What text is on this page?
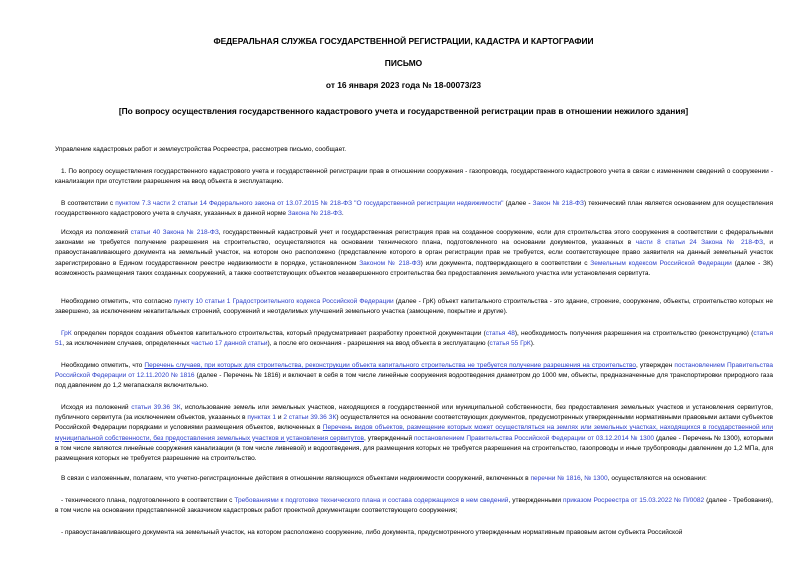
ФЕДЕРАЛЬНАЯ СЛУЖБА ГОСУДАРСТВЕННОЙ РЕГИСТРАЦИИ, КАДАСТРА И КАРТОГРАФИИ
ПИСЬМО
от 16 января 2023 года № 18-00073/23
[По вопросу осуществления государственного кадастрового учета и государственной регистрации прав в отношении нежилого здания]

Управление кадастровых работ и землеустройства Росреестра, рассмотрев письмо, сообщает.

1. По вопросу осуществления государственного кадастрового учета и государственной регистрации прав в отношении сооружения - газопровода, государственного кадастрового учета в связи с изменением сведений о сооружении - канализации при отсутствии разрешения на ввод объекта в эксплуатацию.

В соответствии с пунктом 7.3 части 2 статьи 14 Федерального закона от 13.07.2015 № 218-ФЗ "О государственной регистрации недвижимости" (далее - Закон № 218-ФЗ) технический план является основанием для осуществления государственного кадастрового учета в случаях, указанных в данной норме Закона № 218-ФЗ.

Исходя из положений статьи 40 Закона № 218-ФЗ, государственный кадастровый учет и государственная регистрация прав на созданное сооружение, если для строительства этого сооружения в соответствии с федеральными законами не требуется получение разрешения на строительство, осуществляются на основании технического плана, подготовленного на основании документов, указанных в части 8 статьи 24 Закона № 218-ФЗ, и правоустанавливающего документа на земельный участок, на котором оно расположено (представление которого в орган регистрации прав не требуется, если соответствующее право заявителя на данный земельный участок зарегистрировано в Едином государственном реестре недвижимости в порядке, установленном Законом № 218-ФЗ) или документа, подтверждающего в соответствии с Земельным кодексом Российской Федерации (далее - ЗК) возможность размещения таких созданных сооружений, а также соответствующих объектов незавершенного строительства без предоставления земельного участка или установления сервитута.

Необходимо отметить, что согласно пункту 10 статьи 1 Градостроительного кодекса Российской Федерации (далее - ГрК) объект капитального строительства - это здание, строение, сооружение, объекты, строительство которых не завершено, за исключением некапитальных строений, сооружений и неотделимых улучшений земельного участка (замощение, покрытие и другие).

ГрК определен порядок создания объектов капитального строительства, который предусматривает разработку проектной документации (статья 48), необходимость получения разрешения на строительство (реконструкцию) (статья 51, за исключением случаев, определенных частью 17 данной статьи), а после его окончания - разрешения на ввод объекта в эксплуатацию (статья 55 ГрК).

Необходимо отметить, что Перечень случаев, при которых для строительства, реконструкции объекта капитального строительства не требуется получение разрешения на строительство, утвержден постановлением Правительства Российской Федерации от 12.11.2020 № 1816 (далее - Перечень № 1816) и включает в себя в том числе линейные сооружения водоотведения диаметром до 1000 мм, объекты, предназначенные для транспортировки природного газа под давлением до 1,2 мегапаскаля включительно.

Исходя из положений статьи 39.36 ЗК, использование земель или земельных участков, находящихся в государственной или муниципальной собственности, без предоставления земельных участков и установления сервитутов, публичного сервитута (за исключением объектов, указанных в пунктах 1 и 2 статьи 39.36 ЗК) осуществляется на основании соответствующих документов, предусмотренных утвержденными нормативными правовыми актами субъектов Российской Федерации порядками и условиями размещения объектов, включенных в Перечень видов объектов, размещение которых может осуществляться на землях или земельных участках, находящихся в государственной или муниципальной собственности, без предоставления земельных участков и установления сервитутов, утвержденный постановлением Правительства Российской Федерации от 03.12.2014 № 1300 (далее - Перечень № 1300), которыми в том числе являются линейные сооружения канализации (в том числе ливневой) и водоотведения, для размещения которых не требуется разрешения на строительство, газопроводы и иные трубопроводы давлением до 1,2 МПа, для размещения которых не требуется разрешение на строительство.

В связи с изложенным, полагаем, что учетно-регистрационные действия в отношении являющихся объектами недвижимости сооружений, включенных в перечни № 1816, № 1300, осуществляются на основании:

- технического плана, подготовленного в соответствии с Требованиями к подготовке технического плана и состава содержащихся в нем сведений, утвержденными приказом Росреестра от 15.03.2022 № П/0082 (далее - Требования), в том числе на основании представленной заказчиком кадастровых работ проектной документации соответствующего сооружения;

- правоустанавливающего документа на земельный участок, на котором расположено сооружение, либо документа, предусмотренного утвержденным нормативным правовым актом субъекта Российской
